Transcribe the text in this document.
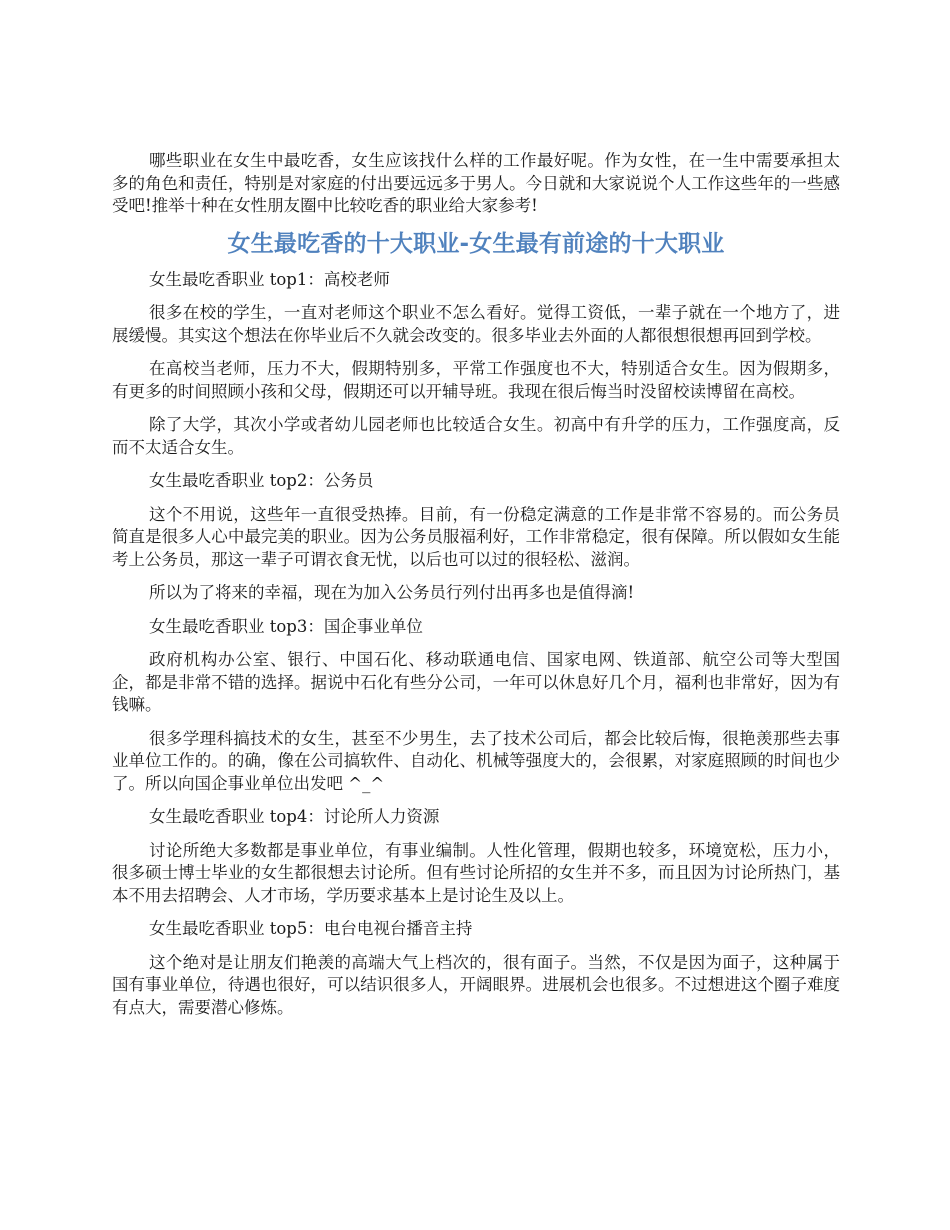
哪些职业在女生中最吃香，女生应该找什么样的工作最好呢。作为女性，在一生中需要承担太多的角色和责任，特别是对家庭的付出要远远多于男人。今日就和大家说说个人工作这些年的一些感受吧!推举十种在女性朋友圈中比较吃香的职业给大家参考!

女生最吃香的十大职业-女生最有前途的十大职业

女生最吃香职业 top1：高校老师

很多在校的学生，一直对老师这个职业不怎么看好。觉得工资低，一辈子就在一个地方了，进展缓慢。其实这个想法在你毕业后不久就会改变的。很多毕业去外面的人都很想很想再回到学校。

在高校当老师，压力不大，假期特别多，平常工作强度也不大，特别适合女生。因为假期多，有更多的时间照顾小孩和父母，假期还可以开辅导班。我现在很后悔当时没留校读博留在高校。

除了大学，其次小学或者幼儿园老师也比较适合女生。初高中有升学的压力，工作强度高，反而不太适合女生。

女生最吃香职业 top2：公务员

这个不用说，这些年一直很受热捧。目前，有一份稳定满意的工作是非常不容易的。而公务员简直是很多人心中最完美的职业。因为公务员服福利好，工作非常稳定，很有保障。所以假如女生能考上公务员，那这一辈子可谓衣食无忧，以后也可以过的很轻松、滋润。

所以为了将来的幸福，现在为加入公务员行列付出再多也是值得滴!

女生最吃香职业 top3：国企事业单位

政府机构办公室、银行、中国石化、移动联通电信、国家电网、铁道部、航空公司等大型国企，都是非常不错的选择。据说中石化有些分公司，一年可以休息好几个月，福利也非常好，因为有钱嘛。

很多学理科搞技术的女生，甚至不少男生，去了技术公司后，都会比较后悔，很艳羡那些去事业单位工作的。的确，像在公司搞软件、自动化、机械等强度大的，会很累，对家庭照顾的时间也少了。所以向国企事业单位出发吧 ^_^

女生最吃香职业 top4：讨论所人力资源

讨论所绝大多数都是事业单位，有事业编制。人性化管理，假期也较多，环境宽松，压力小，很多硕士博士毕业的女生都很想去讨论所。但有些讨论所招的女生并不多，而且因为讨论所热门，基本不用去招聘会、人才市场，学历要求基本上是讨论生及以上。

女生最吃香职业 top5：电台电视台播音主持

这个绝对是让朋友们艳羡的高端大气上档次的，很有面子。当然，不仅是因为面子，这种属于国有事业单位，待遇也很好，可以结识很多人，开阔眼界。进展机会也很多。不过想进这个圈子难度有点大，需要潜心修炼。
